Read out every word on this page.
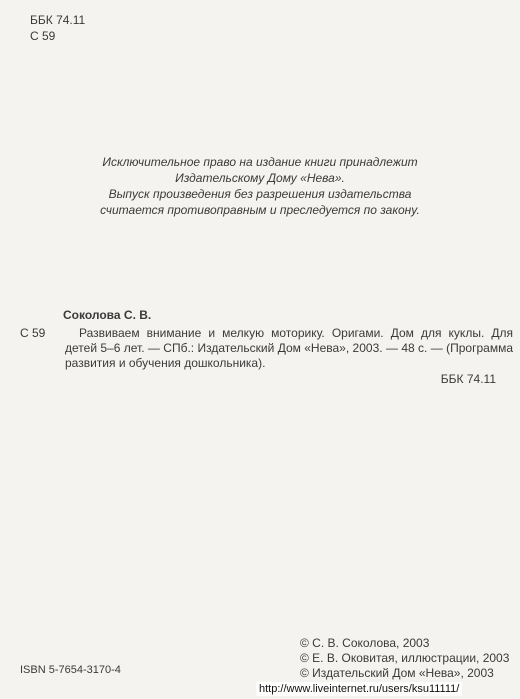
ББК 74.11
С 59
Исключительное право на издание книги принадлежит
Издательскому Дому «Нева».
Выпуск произведения без разрешения издательства
считается противоправным и преследуется по закону.
Соколова С. В.
С 59	Развиваем внимание и мелкую моторику. Оригами. Дом для куклы. Для детей 5–6 лет. — СПб.: Издательский Дом «Нева», 2003. — 48 с. — (Программа развития и обучения дошкольника).
ББК 74.11
© С. В. Соколова, 2003
© Е. В. Оковитая, иллюстрации, 2003
© Издательский Дом «Нева», 2003
ISBN 5-7654-3170-4
http://www.liveinternet.ru/users/ksu11111/
